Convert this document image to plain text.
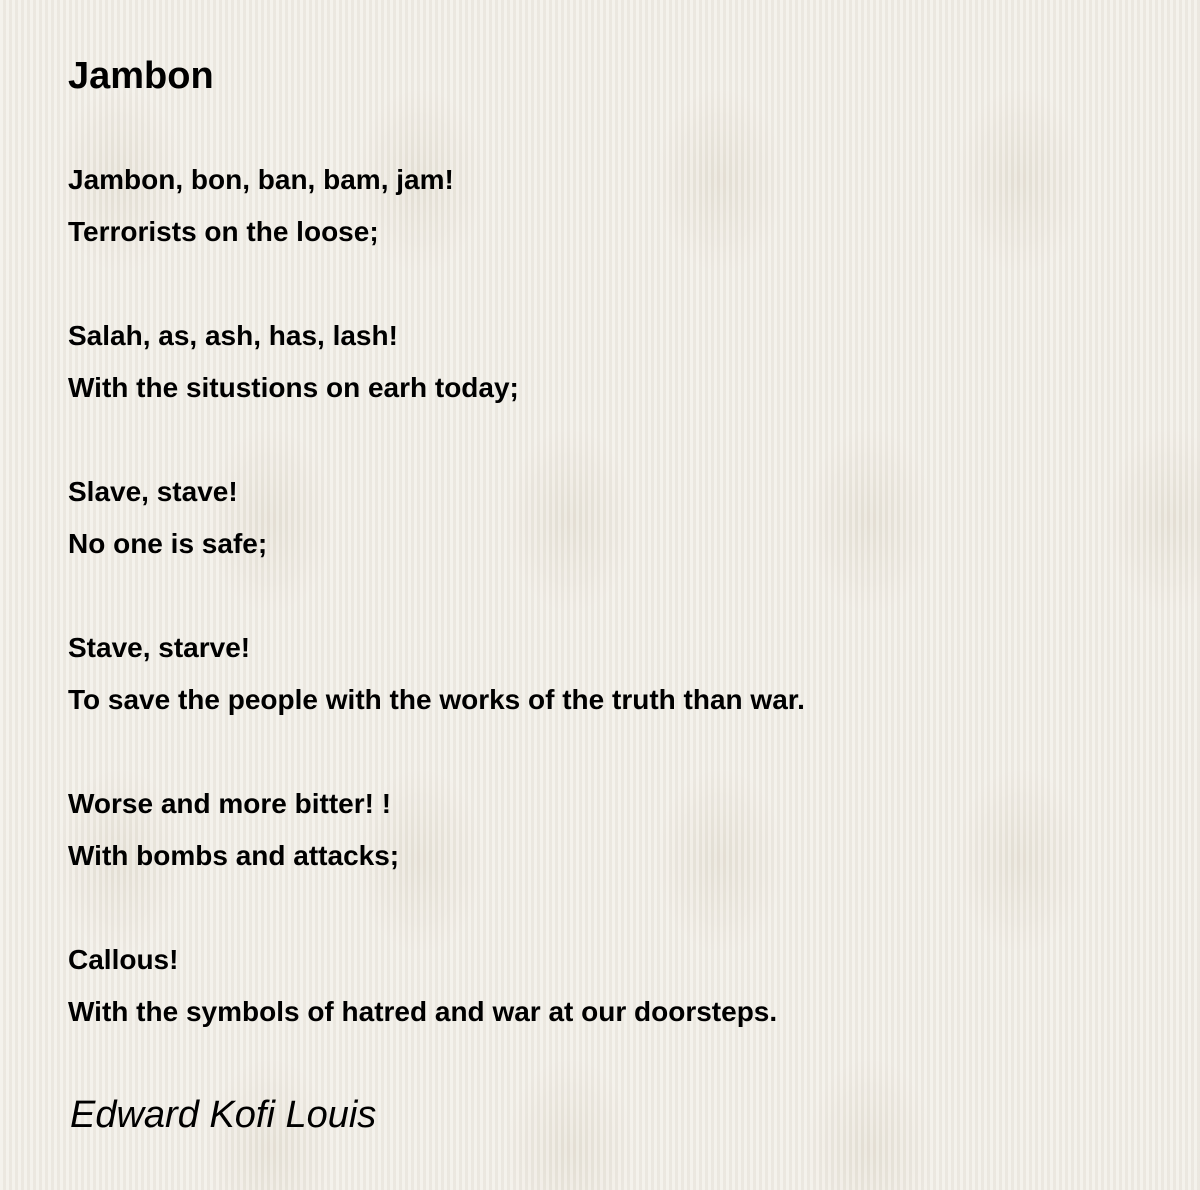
Jambon
Jambon, bon, ban, bam, jam!
Terrorists on the loose;
Salah, as, ash, has, lash!
With the situstions on earh today;
Slave, stave!
No one is safe;
Stave, starve!
To save the people with the works of the truth than war.
Worse and more bitter! !
With bombs and attacks;
Callous!
With the symbols of hatred and war at our doorsteps.
Edward Kofi Louis
